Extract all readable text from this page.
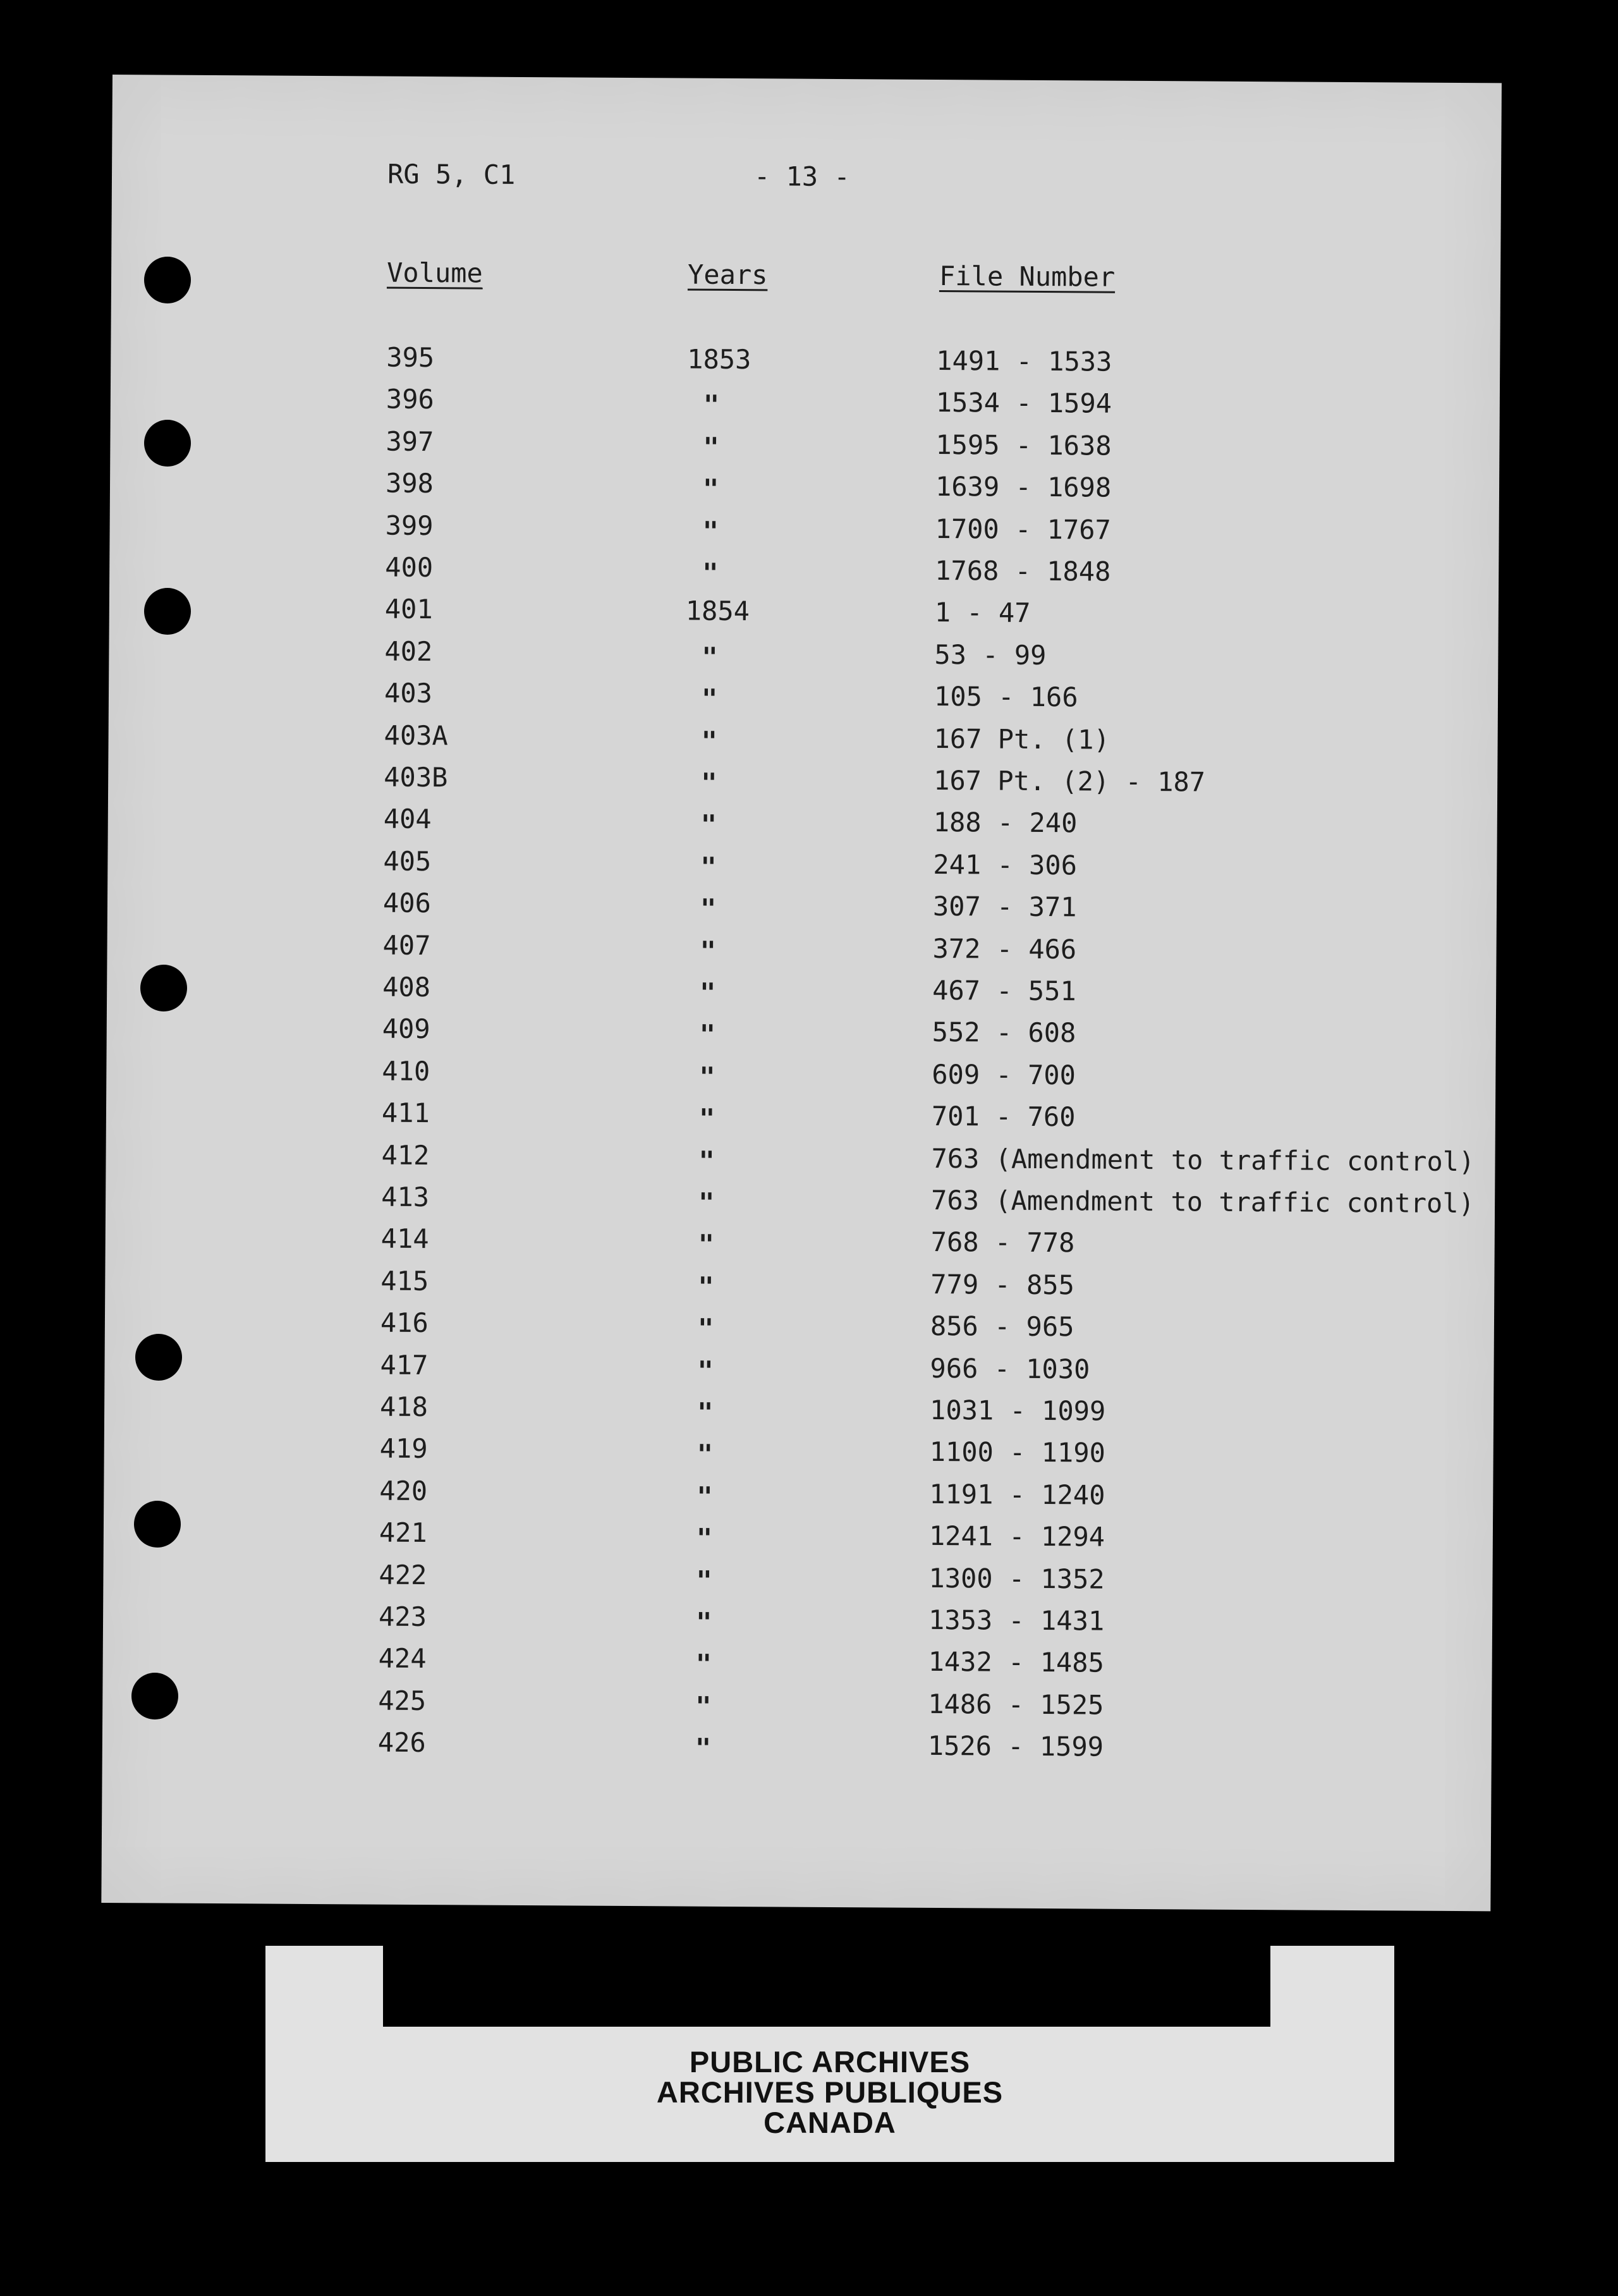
RG 5, C1	- 13 -
Volume	Years	File Number
395	1853	1491 - 1533
396	"	1534 - 1594
397	"	1595 - 1638
398	"	1639 - 1698
399	"	1700 - 1767
400	"	1768 - 1848
401	1854	1 - 47
402	"	53 - 99
403	"	105 - 166
403A	"	167 Pt. (1)
403B	"	167 Pt. (2) - 187
404	"	188 - 240
405	"	241 - 306
406	"	307 - 371
407	"	372 - 466
408	"	467 - 551
409	"	552 - 608
410	"	609 - 700
411	"	701 - 760
412	"	763 (Amendment to traffic control)
413	"	763 (Amendment to traffic control)
414	"	768 - 778
415	"	779 - 855
416	"	856 - 965
417	"	966 - 1030
418	"	1031 - 1099
419	"	1100 - 1190
420	"	1191 - 1240
421	"	1241 - 1294
422	"	1300 - 1352
423	"	1353 - 1431
424	"	1432 - 1485
425	"	1486 - 1525
426	"	1526 - 1599
PUBLIC ARCHIVES
ARCHIVES PUBLIQUES
CANADA
